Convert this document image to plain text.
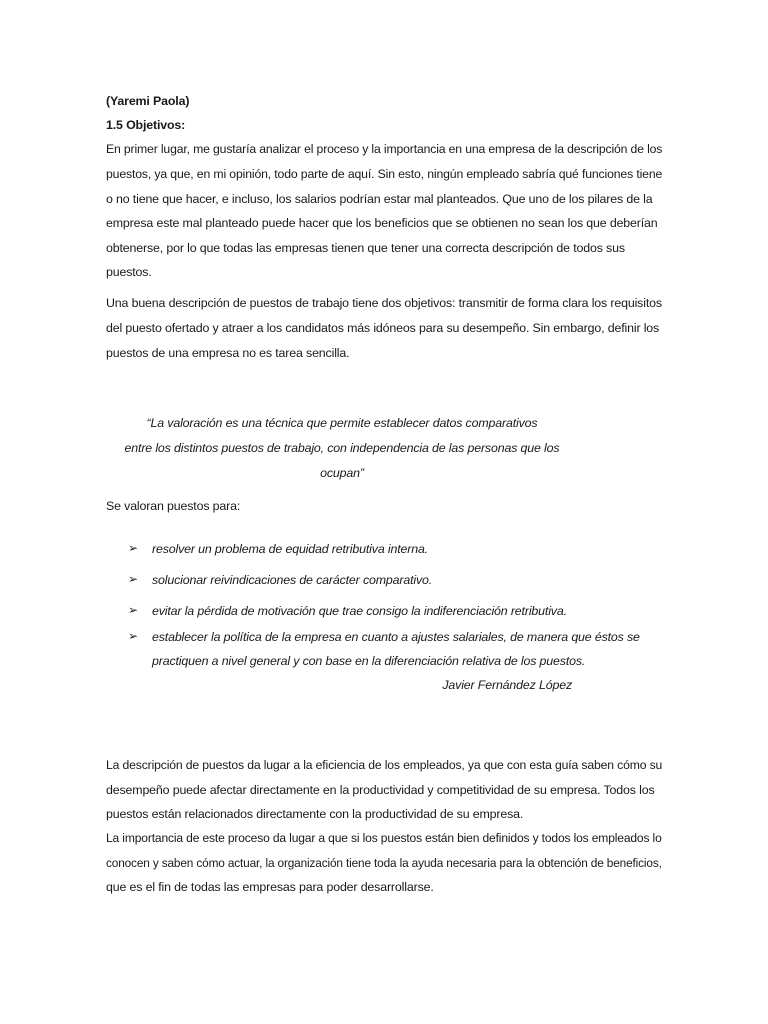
(Yaremi Paola)
1.5 Objetivos:
En primer lugar, me gustaría analizar el proceso y la importancia en una empresa de la descripción de los
puestos, ya que, en mi opinión, todo parte de aquí. Sin esto, ningún empleado sabría qué funciones tiene
o no tiene que hacer, e incluso, los salarios podrían estar mal planteados. Que uno de los pilares de la
empresa este mal planteado puede hacer que los beneficios que se obtienen no sean los que deberían
obtenerse, por lo que todas las empresas tienen que tener una correcta descripción de todos sus
puestos.
Una buena descripción de puestos de trabajo tiene dos objetivos: transmitir de forma clara los requisitos
del puesto ofertado y atraer a los candidatos más idóneos para su desempeño. Sin embargo, definir los
puestos de una empresa no es tarea sencilla.
“La valoración es una técnica que permite establecer datos comparativos
entre los distintos puestos de trabajo, con independencia de las personas que los
ocupan”
Se valoran puestos para:
➢ resolver un problema de equidad retributiva interna.
➢ solucionar reivindicaciones de carácter comparativo.
➢ evitar la pérdida de motivación que trae consigo la indiferenciación retributiva.
➢ establecer la política de la empresa en cuanto a ajustes salariales, de manera que éstos se
practiquen a nivel general y con base en la diferenciación relativa de los puestos.
Javier Fernández López
La descripción de puestos da lugar a la eficiencia de los empleados, ya que con esta guía saben cómo su
desempeño puede afectar directamente en la productividad y competitividad de su empresa. Todos los
puestos están relacionados directamente con la productividad de su empresa.
La importancia de este proceso da lugar a que si los puestos están bien definidos y todos los empleados lo
conocen y saben cómo actuar, la organización tiene toda la ayuda necesaria para la obtención de beneficios,
que es el fin de todas las empresas para poder desarrollarse.
